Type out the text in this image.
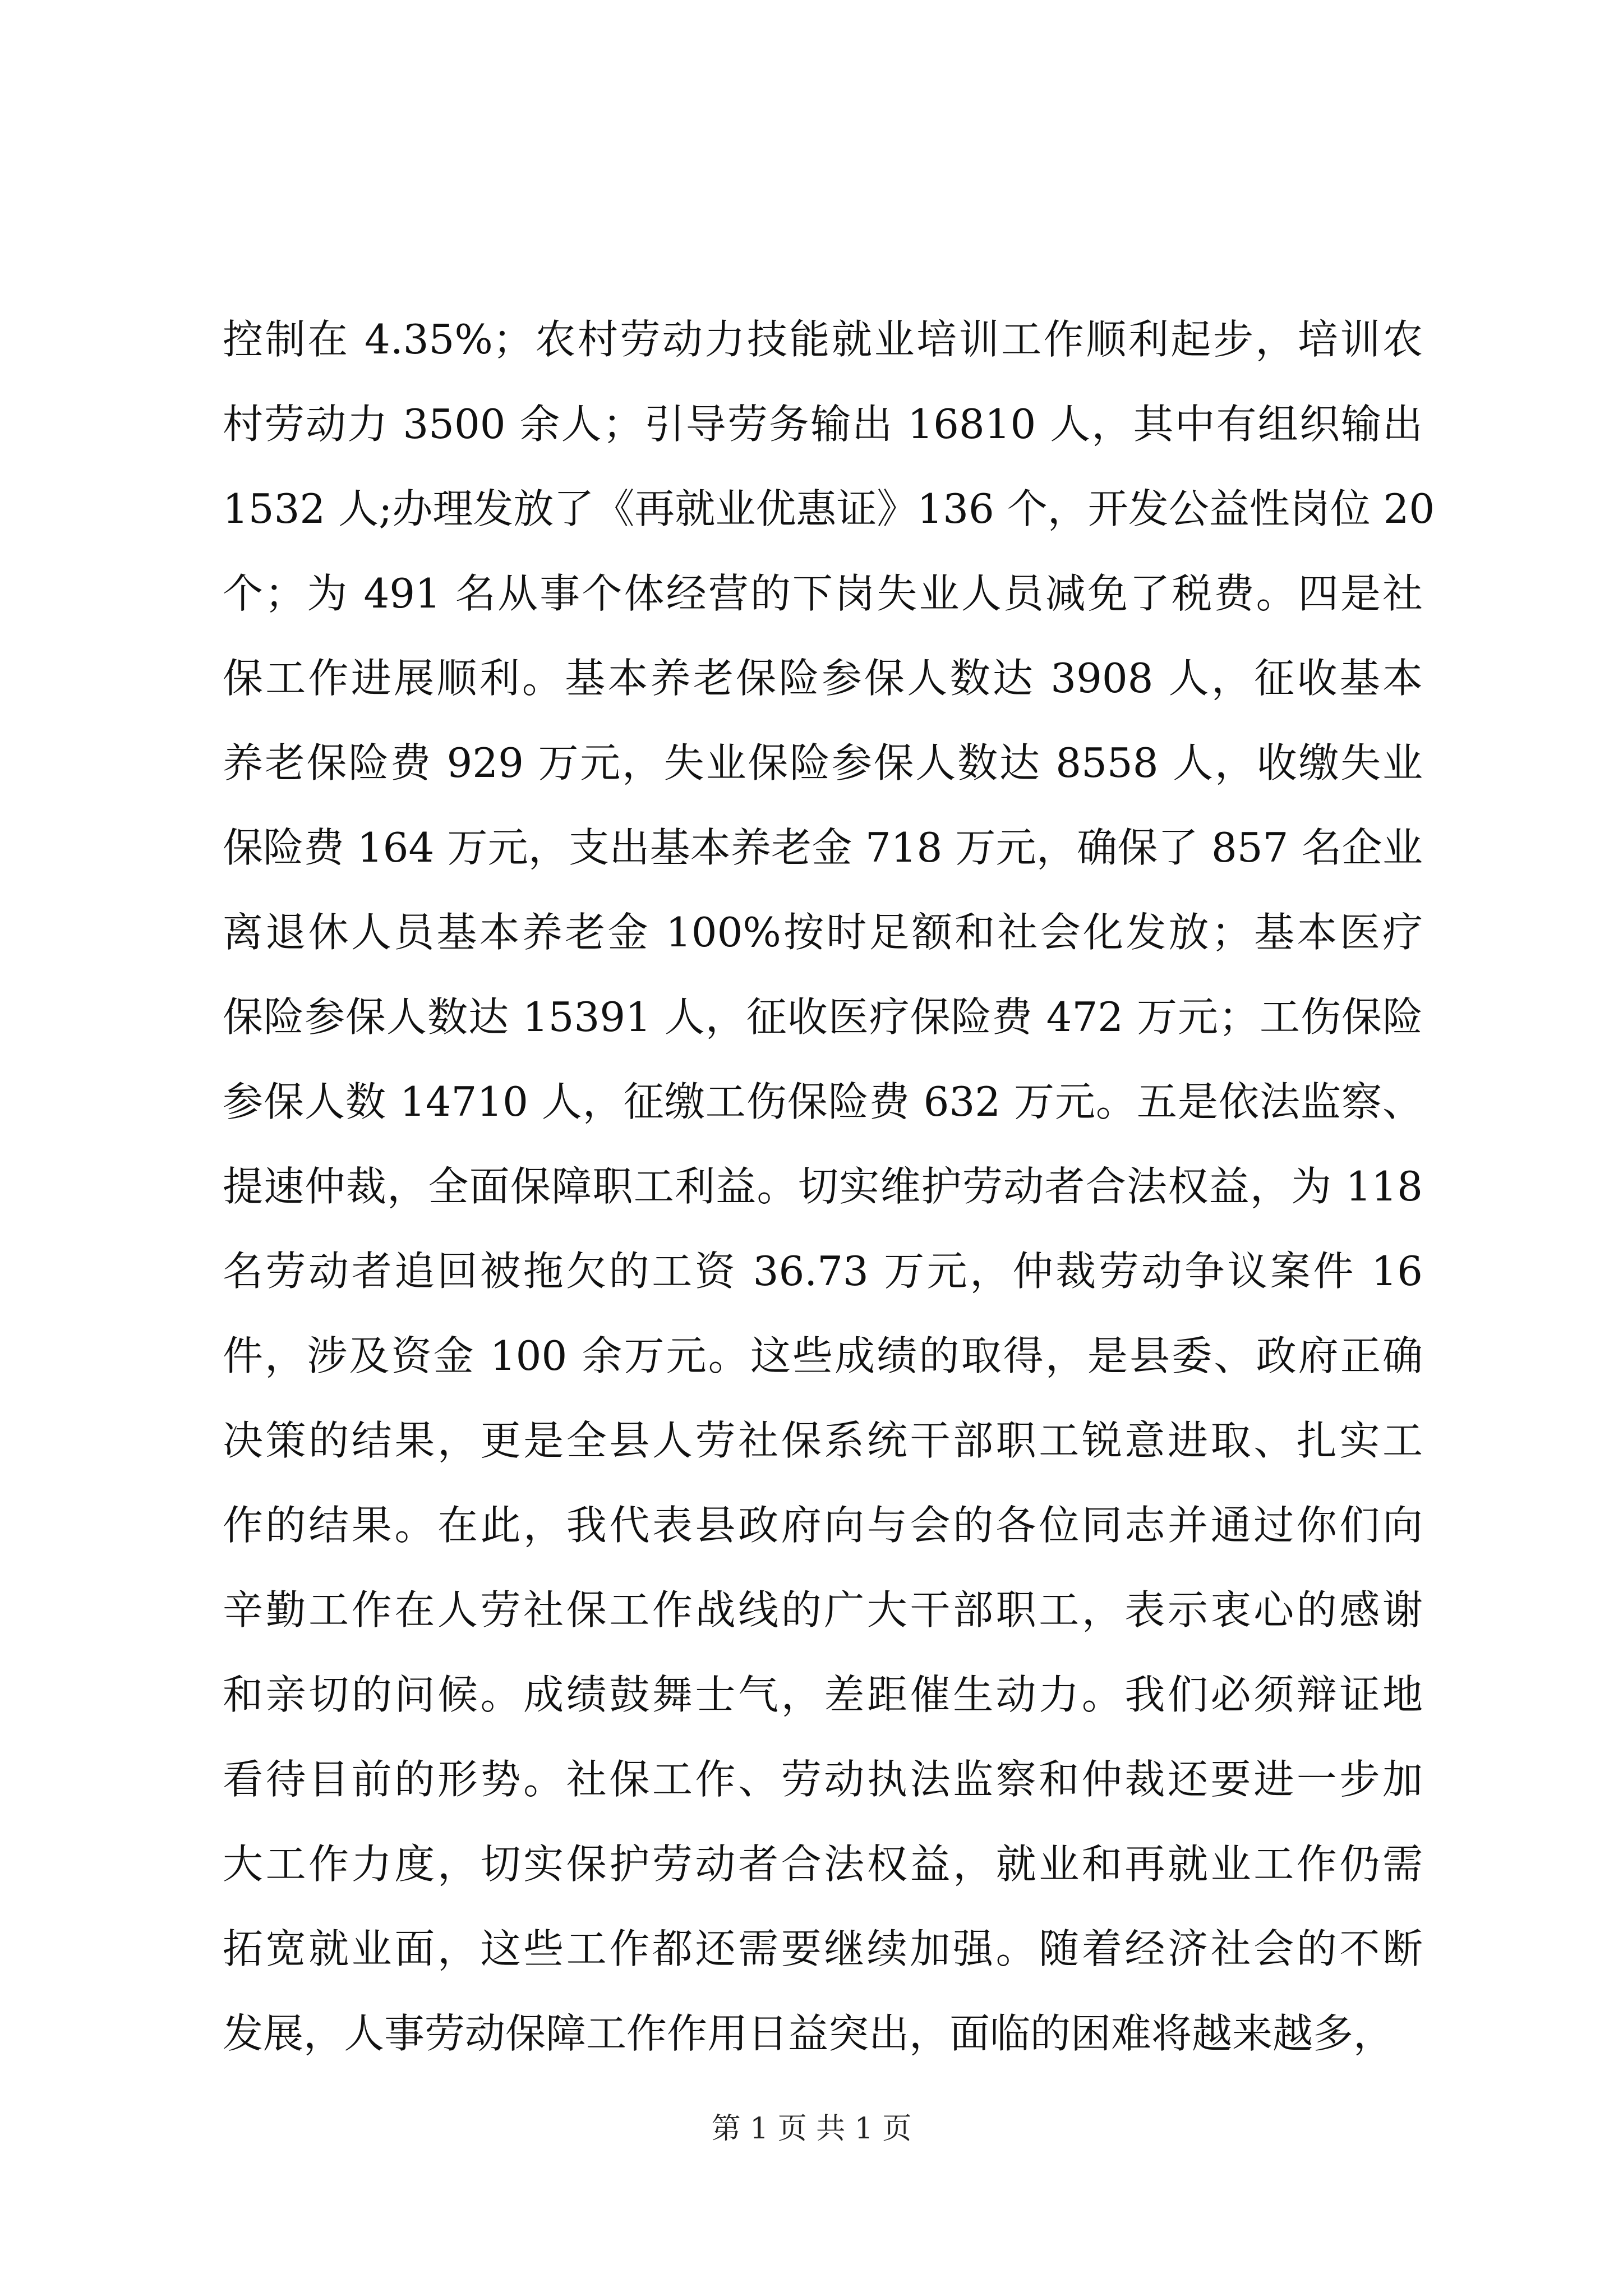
控制在 4.35%；农村劳动力技能就业培训工作顺利起步，培训农
村劳动力 3500 余人；引导劳务输出 16810 人，其中有组织输出
1532 人;办理发放了《再就业优惠证》136 个，开发公益性岗位 20
个；为 491 名从事个体经营的下岗失业人员减免了税费。四是社
保工作进展顺利。基本养老保险参保人数达 3908 人，征收基本
养老保险费 929 万元，失业保险参保人数达 8558 人，收缴失业
保险费 164 万元，支出基本养老金 718 万元，确保了 857 名企业
离退休人员基本养老金 100%按时足额和社会化发放；基本医疗
保险参保人数达 15391 人，征收医疗保险费 472 万元；工伤保险
参保人数 14710 人，征缴工伤保险费 632 万元。五是依法监察、
提速仲裁，全面保障职工利益。切实维护劳动者合法权益，为 118
名劳动者追回被拖欠的工资 36.73 万元，仲裁劳动争议案件 16
件，涉及资金 100 余万元。这些成绩的取得，是县委、政府正确
决策的结果，更是全县人劳社保系统干部职工锐意进取、扎实工
作的结果。在此，我代表县政府向与会的各位同志并通过你们向
辛勤工作在人劳社保工作战线的广大干部职工，表示衷心的感谢
和亲切的问候。成绩鼓舞士气，差距催生动力。我们必须辩证地
看待目前的形势。社保工作、劳动执法监察和仲裁还要进一步加
大工作力度，切实保护劳动者合法权益，就业和再就业工作仍需
拓宽就业面，这些工作都还需要继续加强。随着经济社会的不断
发展，人事劳动保障工作作用日益突出，面临的困难将越来越多，
第 1 页 共 1 页
